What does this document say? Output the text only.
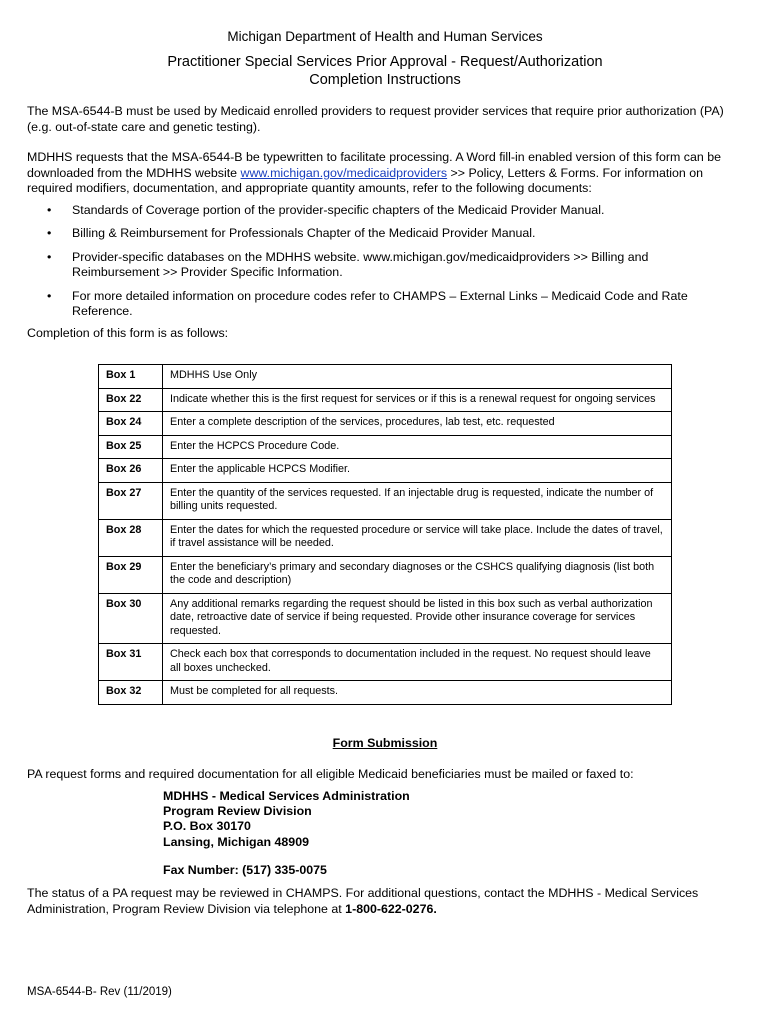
Michigan Department of Health and Human Services
Practitioner Special Services Prior Approval - Request/Authorization
Completion Instructions
The MSA-6544-B must be used by Medicaid enrolled providers to request provider services that require prior authorization (PA) (e.g. out-of-state care and genetic testing).
MDHHS requests that the MSA-6544-B be typewritten to facilitate processing. A Word fill-in enabled version of this form can be downloaded from the MDHHS website www.michigan.gov/medicaidproviders >> Policy, Letters & Forms. For information on required modifiers, documentation, and appropriate quantity amounts, refer to the following documents:
• Standards of Coverage portion of the provider-specific chapters of the Medicaid Provider Manual.
• Billing & Reimbursement for Professionals Chapter of the Medicaid Provider Manual.
• Provider-specific databases on the MDHHS website. www.michigan.gov/medicaidproviders >> Billing and Reimbursement >> Provider Specific Information.
• For more detailed information on procedure codes refer to CHAMPS – External Links – Medicaid Code and Rate Reference.
Completion of this form is as follows:
Box 1	MDHHS Use Only
Box 22	Indicate whether this is the first request for services or if this is a renewal request for ongoing services
Box 24	Enter a complete description of the services, procedures, lab test, etc. requested
Box 25	Enter the HCPCS Procedure Code.
Box 26	Enter the applicable HCPCS Modifier.
Box 27	Enter the quantity of the services requested. If an injectable drug is requested, indicate the number of billing units requested.
Box 28	Enter the dates for which the requested procedure or service will take place. Include the dates of travel, if travel assistance will be needed.
Box 29	Enter the beneficiary’s primary and secondary diagnoses or the CSHCS qualifying diagnosis (list both the code and description)
Box 30	Any additional remarks regarding the request should be listed in this box such as verbal authorization date, retroactive date of service if being requested. Provide other insurance coverage for services requested.
Box 31	Check each box that corresponds to documentation included in the request. No request should leave all boxes unchecked.
Box 32	Must be completed for all requests.
Form Submission
PA request forms and required documentation for all eligible Medicaid beneficiaries must be mailed or faxed to:
MDHHS - Medical Services Administration
Program Review Division
P.O. Box 30170
Lansing, Michigan 48909
Fax Number: (517) 335-0075
The status of a PA request may be reviewed in CHAMPS. For additional questions, contact the MDHHS - Medical Services Administration, Program Review Division via telephone at 1-800-622-0276.
MSA-6544-B- Rev (11/2019)
